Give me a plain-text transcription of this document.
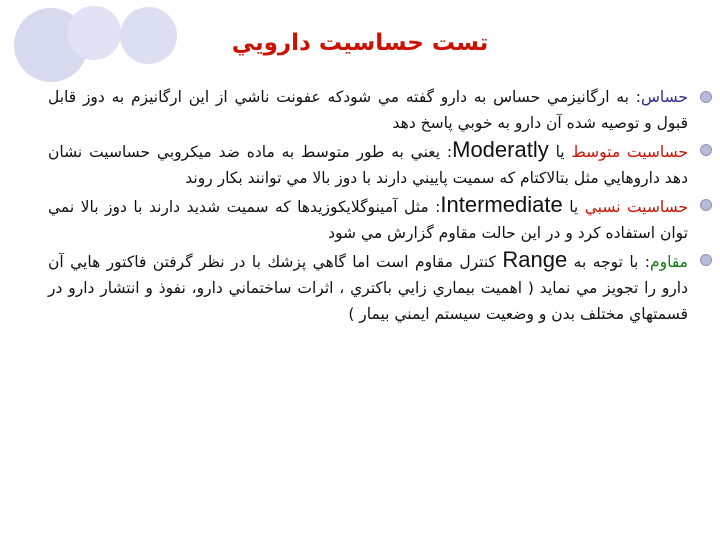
تست حساسيت دارويي
حساس: به ارگانيزمي حساس به دارو گفته مي شودكه عفونت ناشي از اين ارگانيزم به دوز قابل قبول و توصيه شده آن دارو به خوبي پاسخ دهد
حساسيت متوسط يا Moderatly: يعني به طور متوسط به ماده ضد ميكروبي حساسيت نشان دهد داروهايي مثل بتالاكتام كه سميت پاييني دارند با دوز بالا مي توانند بكار روند
حساسيت نسبي يا Intermediate: مثل آمينوگلايكوزيدها كه سميت شديد دارند با دوز بالا نمي توان استفاده كرد و در اين حالت مقاوم گزارش مي شود
مقاوم: با توجه به Range كنترل مقاوم است اما گاهي پزشك با در نظر گرفتن فاكتور هايي آن دارو را تجويز مي نمايد ( اهميت بيماري زايي باكتري ، اثرات ساختماني دارو، نفوذ و انتشار دارو در قسمتهاي مختلف بدن و وضعيت سيستم ايمني بيمار )
